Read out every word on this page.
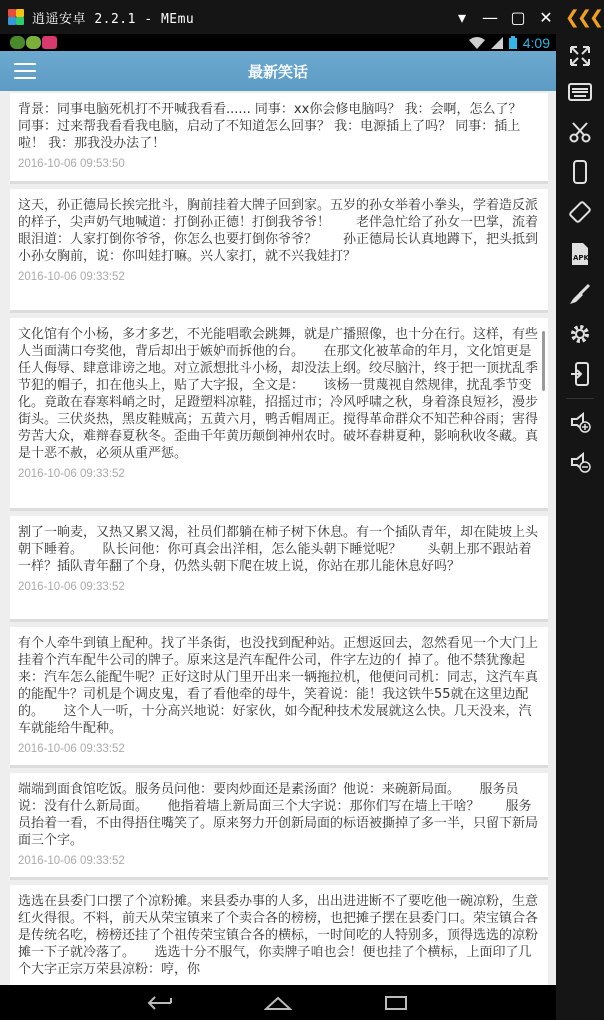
逍遥安卓 2.2.1 - MEmu	▾ — ▢ ✕ ❮❮❮
4:09
最新笑话
背景：同事电脑死机打不开喊我看看...... 同事：xx你会修电脑吗？ 我：会啊，怎么了？ 同事：过来帮我看看我电脑，启动了不知道怎么回事？ 我：电源插上了吗？ 同事：插上啦！ 我：那我没办法了！
2016-10-06 09:53:50
这天，孙正德局长挨完批斗，胸前挂着大牌子回到家。五岁的孙女举着小拳头，学着造反派的样子，尖声奶气地喊道：打倒孙正德！打倒我爷爷！　　老伴急忙给了孙女一巴掌，流着眼泪道：人家打倒你爷爷，你怎么也要打倒你爷爷？　　孙正德局长认真地蹲下，把头抵到小孙女胸前，说：你叫娃打嘛。兴人家打，就不兴我娃打？
2016-10-06 09:33:52
文化馆有个小杨，多才多艺，不光能唱歌会跳舞，就是广播照像，也十分在行。这样，有些人当面满口夸奖他，背后却出于嫉妒而拆他的台。　　在那文化被革命的年月，文化馆更是任人侮辱、肆意诽谤之地。对立派想批斗小杨，却没法上纲。绞尽脑汁，终于把一顶扰乱季节犯的帽子，扣在他头上，贴了大字报，全文是：　　该杨一贯蔑视自然规律，扰乱季节变化。竟敢在春寒料峭之时，足蹬塑料凉鞋，招摇过市；冷风呼啸之秋，身着涤良短衫，漫步街头。三伏炎热，黑皮鞋贼高；五黄六月，鸭舌帽周正。搅得革命群众不知芒种谷雨；害得劳苦大众，难辩春夏秋冬。歪曲千年黄历颠倒神州农时。破坏春耕夏种，影响秋收冬藏。真是十恶不赦，必须从重严惩。
2016-10-06 09:33:52
割了一晌麦，又热又累又渴，社员们都躺在柿子树下休息。有一个插队青年，却在陡坡上头朝下睡着。　　队长问他：你可真会出洋相，怎么能头朝下睡觉呢？　　头朝上那不跟站着一样？插队青年翻了个身，仍然头朝下爬在坡上说，你站在那儿能休息好吗？
2016-10-06 09:33:52
有个人牵牛到镇上配种。找了半条街，也没找到配种站。正想返回去，忽然看见一个大门上挂着个汽车配牛公司的牌子。原来这是汽车配件公司，件字左边的亻掉了。他不禁犹豫起来：汽车怎么能配牛呢？正好这时从门里开出来一辆拖拉机，他便问司机：同志，这汽车真的能配牛？司机是个调皮鬼，看了看他牵的母牛，笑着说：能！我这铁牛55就在这里边配的。　　这个人一听，十分高兴地说：好家伙，如今配种技术发展就这么快。几天没来，汽车就能给牛配种。
2016-10-06 09:33:52
端端到面食馆吃饭。服务员问他：要肉炒面还是素汤面？他说：来碗新局面。　　服务员说：没有什么新局面。　　他指着墙上新局面三个大字说：那你们写在墙上干啥？　　服务员抬着一看，不由得捂住嘴笑了。原来努力开创新局面的标语被撕掉了多一半，只留下新局面三个字。
2016-10-06 09:33:52
选选在县委门口摆了个凉粉摊。来县委办事的人多，出出进进断不了要吃他一碗凉粉，生意红火得很。不料，前天从荣宝镇来了个卖合各的榜榜，也把摊子摆在县委门口。荣宝镇合各是传统名吃，榜榜还挂了个祖传荣宝镇合各的横标，一时间吃的人特别多，顶得选选的凉粉摊一下子就冷落了。　　选选十分不服气，你卖牌子咱也会！便也挂了个横标，上面印了几个大字正宗万荣县凉粉：哼，你
APK
